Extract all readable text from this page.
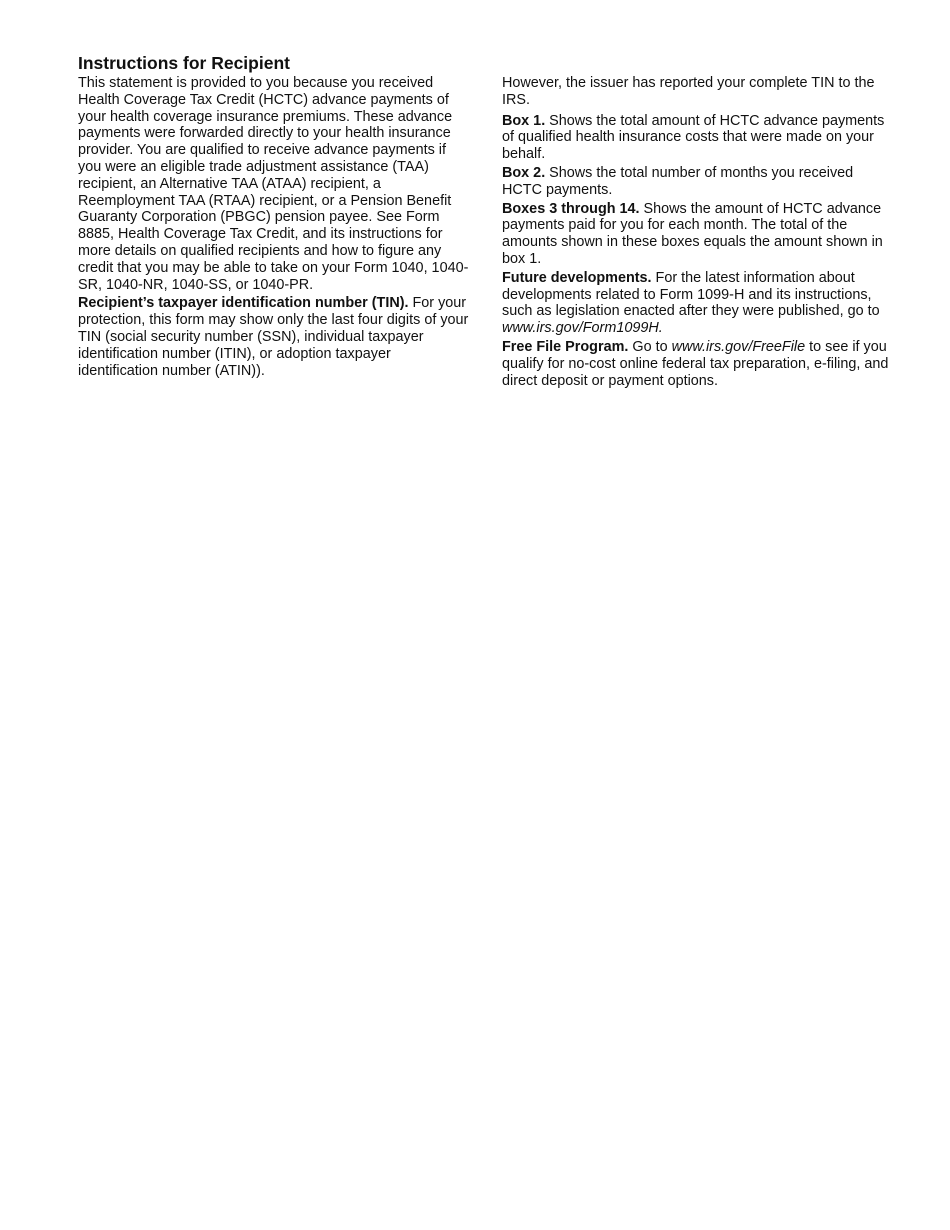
Instructions for Recipient

This statement is provided to you because you received Health Coverage Tax Credit (HCTC) advance payments of your health coverage insurance premiums. These advance payments were forwarded directly to your health insurance provider. You are qualified to receive advance payments if you were an eligible trade adjustment assistance (TAA) recipient, an Alternative TAA (ATAA) recipient, a Reemployment TAA (RTAA) recipient, or a Pension Benefit Guaranty Corporation (PBGC) pension payee. See Form 8885, Health Coverage Tax Credit, and its instructions for more details on qualified recipients and how to figure any credit that you may be able to take on your Form 1040, 1040-SR, 1040-NR, 1040-SS, or 1040-PR.

Recipient’s taxpayer identification number (TIN). For your protection, this form may show only the last four digits of your TIN (social security number (SSN), individual taxpayer identification number (ITIN), or adoption taxpayer identification number (ATIN)).

However, the issuer has reported your complete TIN to the IRS.

Box 1. Shows the total amount of HCTC advance payments of qualified health insurance costs that were made on your behalf.

Box 2. Shows the total number of months you received HCTC payments.

Boxes 3 through 14. Shows the amount of HCTC advance payments paid for you for each month. The total of the amounts shown in these boxes equals the amount shown in box 1.

Future developments. For the latest information about developments related to Form 1099-H and its instructions, such as legislation enacted after they were published, go to www.irs.gov/Form1099H.

Free File Program. Go to www.irs.gov/FreeFile to see if you qualify for no-cost online federal tax preparation, e-filing, and direct deposit or payment options.
